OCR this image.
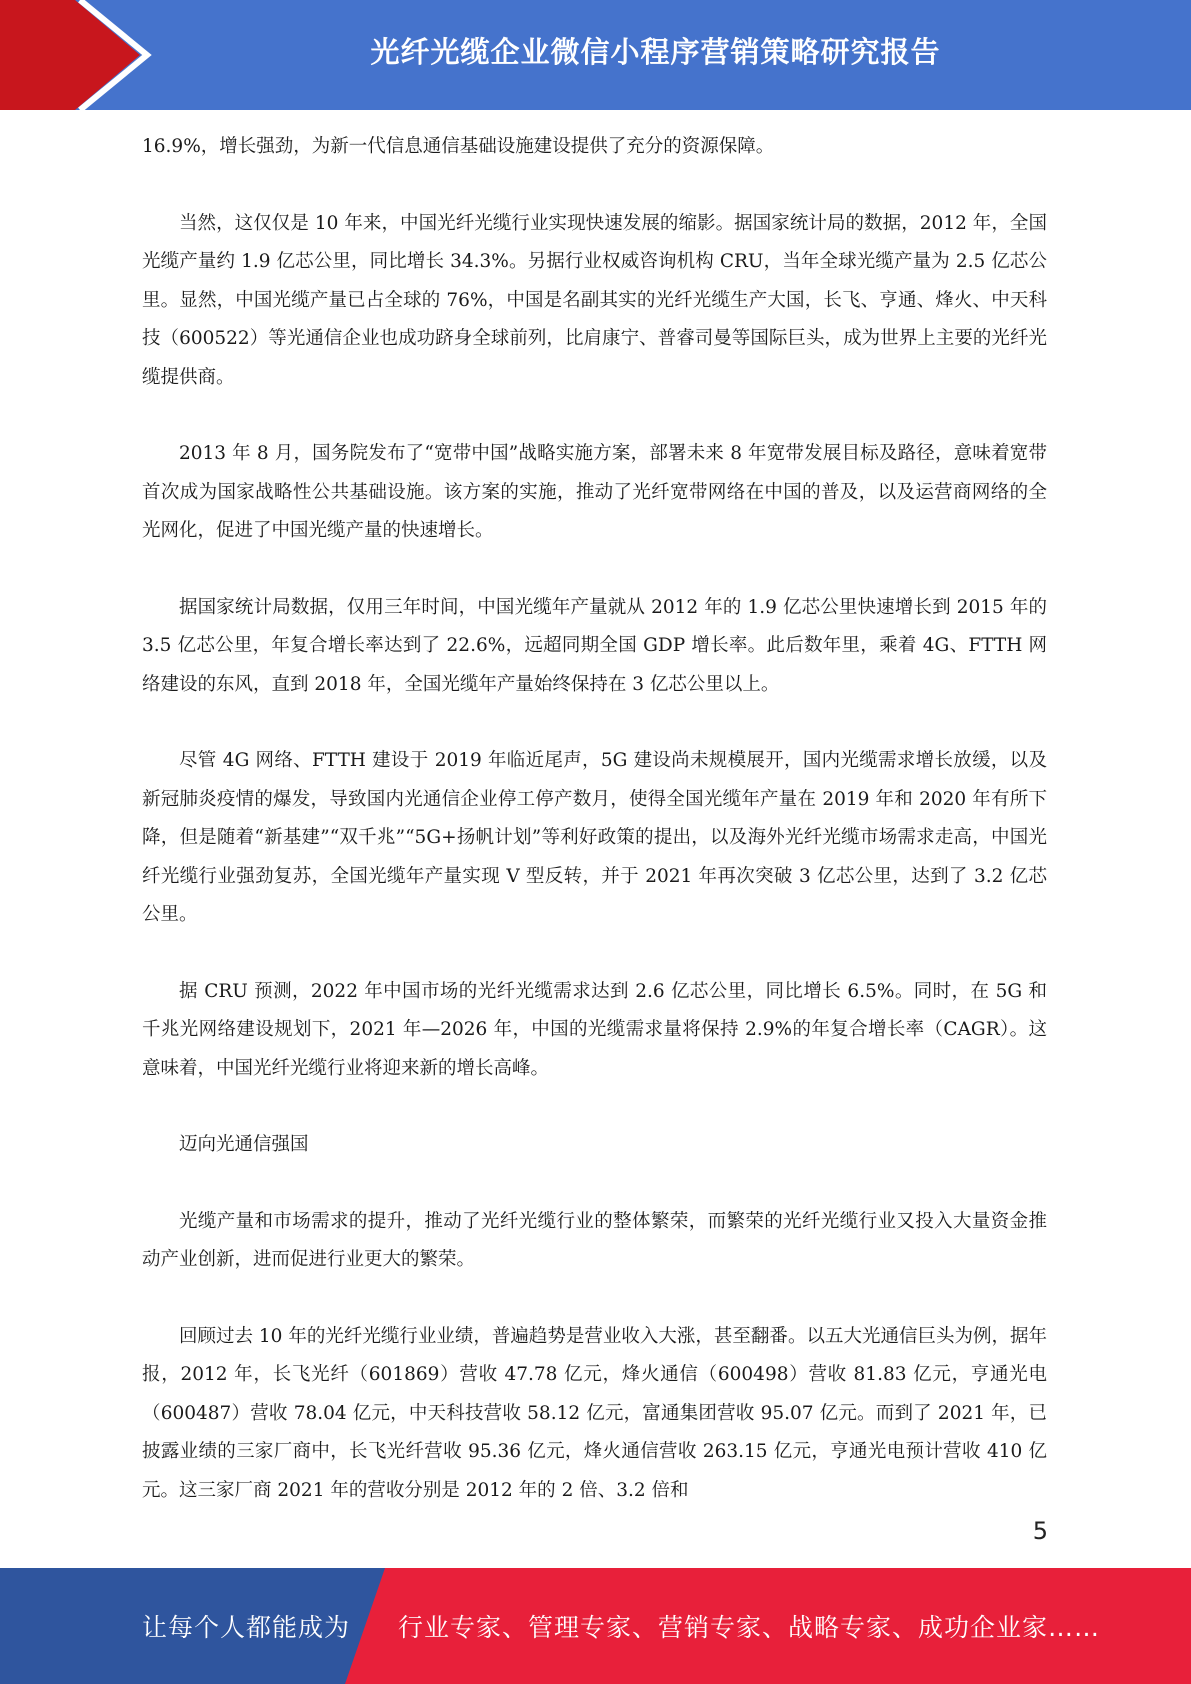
光纤光缆企业微信小程序营销策略研究报告

16.9%，增长强劲，为新一代信息通信基础设施建设提供了充分的资源保障。

当然，这仅仅是 10 年来，中国光纤光缆行业实现快速发展的缩影。据国家统计局的数据，2012 年，全国光缆产量约 1.9 亿芯公里，同比增长 34.3%。另据行业权威咨询机构 CRU，当年全球光缆产量为 2.5 亿芯公里。显然，中国光缆产量已占全球的 76%，中国是名副其实的光纤光缆生产大国，长飞、亨通、烽火、中天科技（600522）等光通信企业也成功跻身全球前列，比肩康宁、普睿司曼等国际巨头，成为世界上主要的光纤光缆提供商。

2013 年 8 月，国务院发布了“宽带中国”战略实施方案，部署未来 8 年宽带发展目标及路径，意味着宽带首次成为国家战略性公共基础设施。该方案的实施，推动了光纤宽带网络在中国的普及，以及运营商网络的全光网化，促进了中国光缆产量的快速增长。

据国家统计局数据，仅用三年时间，中国光缆年产量就从 2012 年的 1.9 亿芯公里快速增长到 2015 年的 3.5 亿芯公里，年复合增长率达到了 22.6%，远超同期全国 GDP 增长率。此后数年里，乘着 4G、FTTH 网络建设的东风，直到 2018 年，全国光缆年产量始终保持在 3 亿芯公里以上。

尽管 4G 网络、FTTH 建设于 2019 年临近尾声，5G 建设尚未规模展开，国内光缆需求增长放缓，以及新冠肺炎疫情的爆发，导致国内光通信企业停工停产数月，使得全国光缆年产量在 2019 年和 2020 年有所下降，但是随着“新基建”“双千兆”“5G+扬帆计划”等利好政策的提出，以及海外光纤光缆市场需求走高，中国光纤光缆行业强劲复苏，全国光缆年产量实现 V 型反转，并于 2021 年再次突破 3 亿芯公里，达到了 3.2 亿芯公里。

据 CRU 预测，2022 年中国市场的光纤光缆需求达到 2.6 亿芯公里，同比增长 6.5%。同时，在 5G 和千兆光网络建设规划下，2021 年—2026 年，中国的光缆需求量将保持 2.9%的年复合增长率（CAGR）。这意味着，中国光纤光缆行业将迎来新的增长高峰。

迈向光通信强国

光缆产量和市场需求的提升，推动了光纤光缆行业的整体繁荣，而繁荣的光纤光缆行业又投入大量资金推动产业创新，进而促进行业更大的繁荣。

回顾过去 10 年的光纤光缆行业业绩，普遍趋势是营业收入大涨，甚至翻番。以五大光通信巨头为例，据年报，2012 年，长飞光纤（601869）营收 47.78 亿元，烽火通信（600498）营收 81.83 亿元，亨通光电（600487）营收 78.04 亿元，中天科技营收 58.12 亿元，富通集团营收 95.07 亿元。而到了 2021 年，已披露业绩的三家厂商中，长飞光纤营收 95.36 亿元，烽火通信营收 263.15 亿元，亨通光电预计营收 410 亿元。这三家厂商 2021 年的营收分别是 2012 年的 2 倍、3.2 倍和

5
让每个人都能成为 行业专家、管理专家、营销专家、战略专家、成功企业家……
